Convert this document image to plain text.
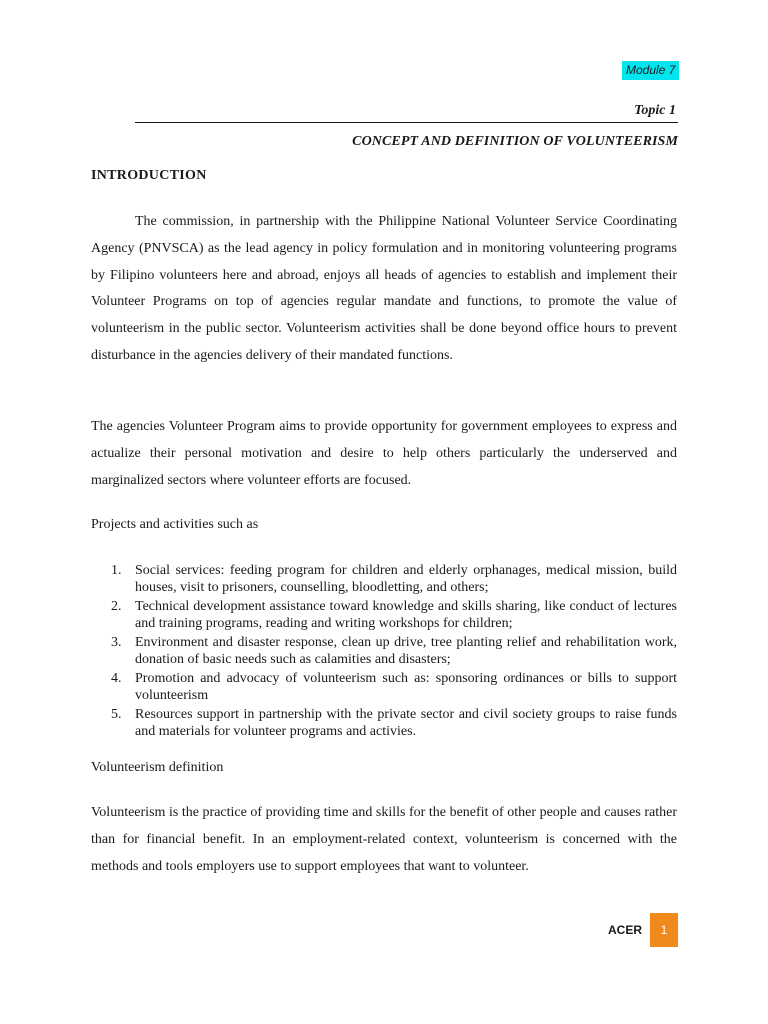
Module 7
Topic 1
CONCEPT AND DEFINITION OF VOLUNTEERISM
INTRODUCTION

The commission, in partnership with the Philippine National Volunteer Service Coordinating Agency (PNVSCA) as the lead agency in policy formulation and in monitoring volunteering programs by Filipino volunteers here and abroad, enjoys all heads of agencies to establish and implement their Volunteer Programs on top of agencies regular mandate and functions, to promote the value of volunteerism in the public sector. Volunteerism activities shall be done beyond office hours to prevent disturbance in the agencies delivery of their mandated functions.

The agencies Volunteer Program aims to provide opportunity for government employees to express and actualize their personal motivation and desire to help others particularly the underserved and marginalized sectors where volunteer efforts are focused.

Projects and activities such as

1. Social services: feeding program for children and elderly orphanages, medical mission, build houses, visit to prisoners, counselling, bloodletting, and others;
2. Technical development assistance toward knowledge and skills sharing, like conduct of lectures and training programs, reading and writing workshops for children;
3. Environment and disaster response, clean up drive, tree planting relief and rehabilitation work, donation of basic needs such as calamities and disasters;
4. Promotion and advocacy of volunteerism such as: sponsoring ordinances or bills to support volunteerism
5. Resources support in partnership with the private sector and civil society groups to raise funds and materials for volunteer programs and activies.

Volunteerism definition

Volunteerism is the practice of providing time and skills for the benefit of other people and causes rather than for financial benefit. In an employment-related context, volunteerism is concerned with the methods and tools employers use to support employees that want to volunteer.

ACER	1
